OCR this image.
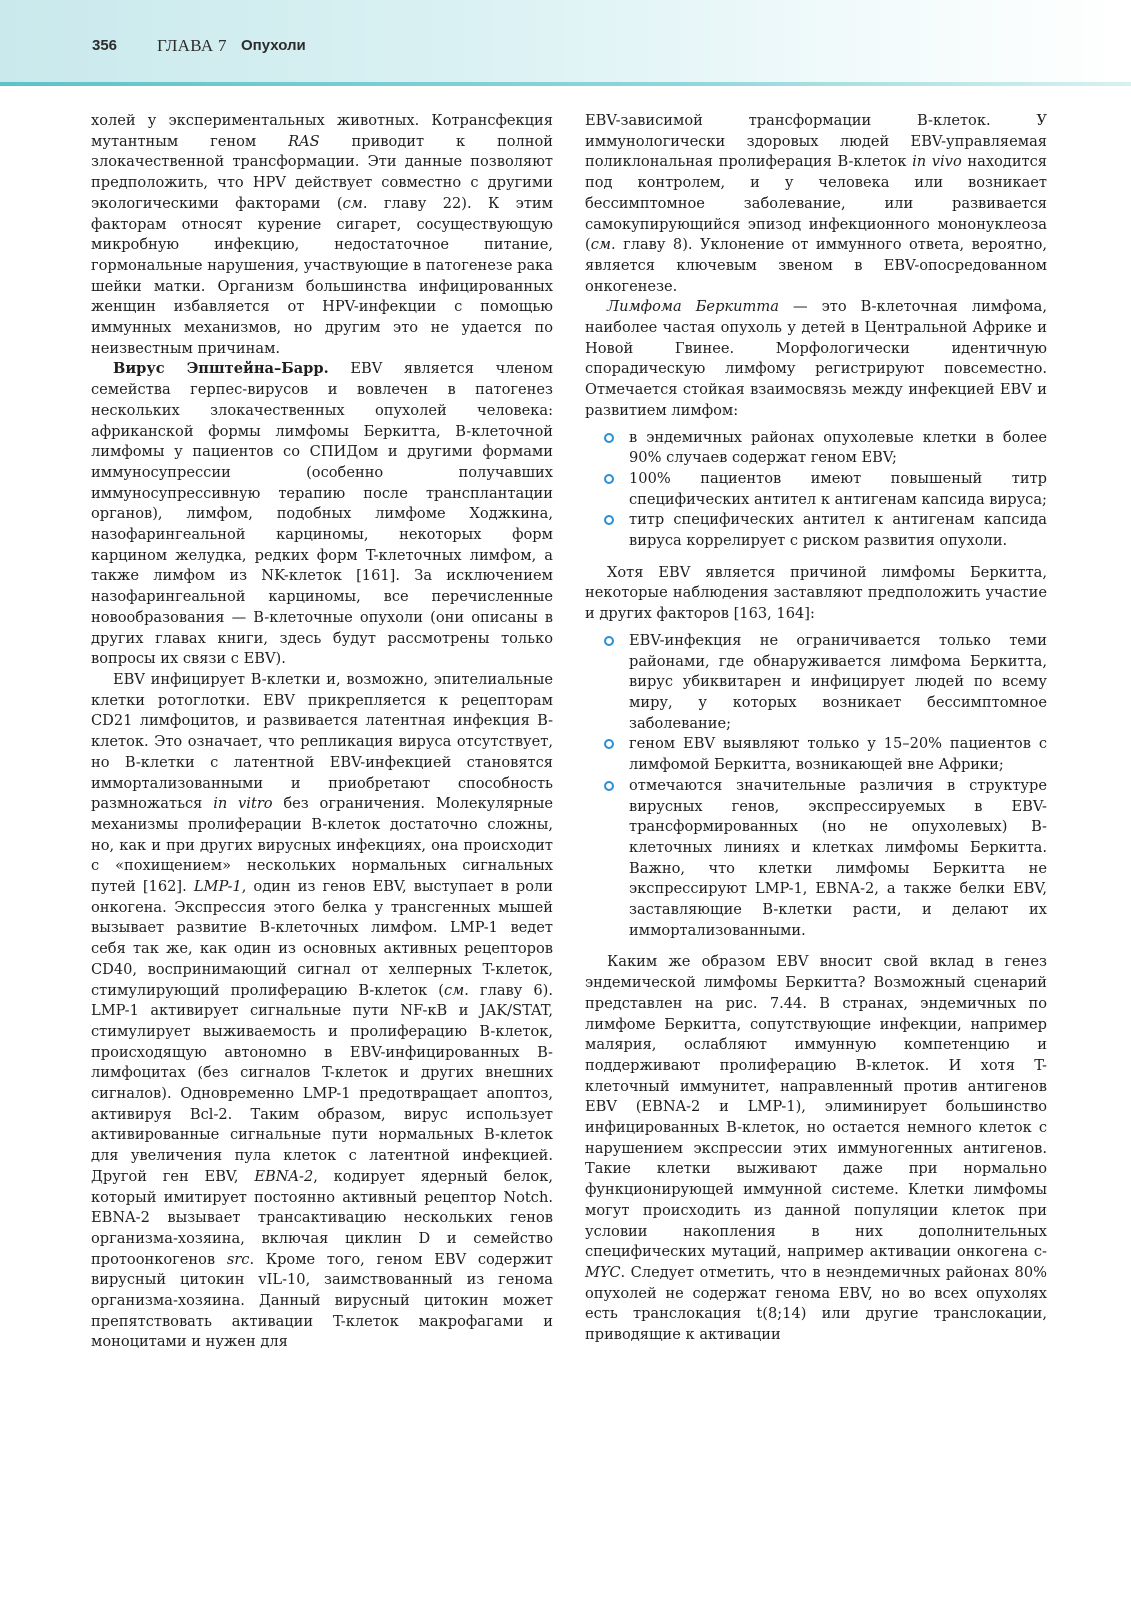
356 ГЛАВА 7 Опухоли

холей у экспериментальных животных. Котрансфекция мутантным геном RAS приводит к полной злокачественной трансформации. Эти данные позволяют предположить, что HPV действует совместно с другими экологическими факторами (см. главу 22). К этим факторам относят курение сигарет, сосуществующую микробную инфекцию, недостаточное питание, гормональные нарушения, участвующие в патогенезе рака шейки матки. Организм большинства инфицированных женщин избавляется от HPV-инфекции с помощью иммунных механизмов, но другим это не удается по неизвестным причинам.

Вирус Эпштейна–Барр. EBV является членом семейства герпес-вирусов и вовлечен в патогенез нескольких злокачественных опухолей человека: африканской формы лимфомы Беркитта, B-клеточной лимфомы у пациентов со СПИДом и другими формами иммуносупрессии (особенно получавших иммуносупрессивную терапию после трансплантации органов), лимфом, подобных лимфоме Ходжкина, назофарингеальной карциномы, некоторых форм карцином желудка, редких форм T-клеточных лимфом, а также лимфом из NK-клеток [161]. За исключением назофарингеальной карциномы, все перечисленные новообразования — B-клеточные опухоли (они описаны в других главах книги, здесь будут рассмотрены только вопросы их связи с EBV).

EBV инфицирует B-клетки и, возможно, эпителиальные клетки ротоглотки. EBV прикрепляется к рецепторам CD21 лимфоцитов, и развивается латентная инфекция B-клеток. Это означает, что репликация вируса отсутствует, но B-клетки с латентной EBV-инфекцией становятся иммортализованными и приобретают способность размножаться in vitro без ограничения. Молекулярные механизмы пролиферации B-клеток достаточно сложны, но, как и при других вирусных инфекциях, она происходит с «похищением» нескольких нормальных сигнальных путей [162]. LMP-1, один из генов EBV, выступает в роли онкогена. Экспрессия этого белка у трансгенных мышей вызывает развитие B-клеточных лимфом. LMP-1 ведет себя так же, как один из основных активных рецепторов CD40, воспринимающий сигнал от хелперных T-клеток, стимулирующий пролиферацию B-клеток (см. главу 6). LMP-1 активирует сигнальные пути NF-κB и JAK/STAT, стимулирует выживаемость и пролиферацию B-клеток, происходящую автономно в EBV-инфицированных B-лимфоцитах (без сигналов T-клеток и других внешних сигналов). Одновременно LMP-1 предотвращает апоптоз, активируя Bcl-2. Таким образом, вирус использует активированные сигнальные пути нормальных B-клеток для увеличения пула клеток с латентной инфекцией. Другой ген EBV, EBNA-2, кодирует ядерный белок, который имитирует постоянно активный рецептор Notch. EBNA-2 вызывает трансактивацию нескольких генов организма-хозяина, включая циклин D и семейство протоонкогенов src. Кроме того, геном EBV содержит вирусный цитокин vIL-10, заимствованный из генома организма-хозяина. Данный вирусный цитокин может препятствовать активации T-клеток макрофагами и моноцитами и нужен для

EBV-зависимой трансформации B-клеток. У иммунологически здоровых людей EBV-управляемая поликлональная пролиферация B-клеток in vivo находится под контролем, и у человека или возникает бессимптомное заболевание, или развивается самокупирующийся эпизод инфекционного мононуклеоза (см. главу 8). Уклонение от иммунного ответа, вероятно, является ключевым звеном в EBV-опосредованном онкогенезе.

Лимфома Беркитта — это B-клеточная лимфома, наиболее частая опухоль у детей в Центральной Африке и Новой Гвинее. Морфологически идентичную спорадическую лимфому регистрируют повсеместно. Отмечается стойкая взаимосвязь между инфекцией EBV и развитием лимфом:

в эндемичных районах опухолевые клетки в более 90% случаев содержат геном EBV;
100% пациентов имеют повышеный титр специфических антител к антигенам капсида вируса;
титр специфических антител к антигенам капсида вируса коррелирует с риском развития опухоли.

Хотя EBV является причиной лимфомы Беркитта, некоторые наблюдения заставляют предположить участие и других факторов [163, 164]:

EBV-инфекция не ограничивается только теми районами, где обнаруживается лимфома Беркитта, вирус убиквитарен и инфицирует людей по всему миру, у которых возникает бессимптомное заболевание;
геном EBV выявляют только у 15–20% пациентов с лимфомой Беркитта, возникающей вне Африки;
отмечаются значительные различия в структуре вирусных генов, экспрессируемых в EBV-трансформированных (но не опухолевых) B-клеточных линиях и клетках лимфомы Беркитта. Важно, что клетки лимфомы Беркитта не экспрессируют LMP-1, EBNA-2, а также белки EBV, заставляющие B-клетки расти, и делают их иммортализованными.

Каким же образом EBV вносит свой вклад в генез эндемической лимфомы Беркитта? Возможный сценарий представлен на рис. 7.44. В странах, эндемичных по лимфоме Беркитта, сопутствующие инфекции, например малярия, ослабляют иммунную компетенцию и поддерживают пролиферацию B-клеток. И хотя T-клеточный иммунитет, направленный против антигенов EBV (EBNA-2 и LMP-1), элиминирует большинство инфицированных B-клеток, но остается немного клеток с нарушением экспрессии этих иммуногенных антигенов. Такие клетки выживают даже при нормально функционирующей иммунной системе. Клетки лимфомы могут происходить из данной популяции клеток при условии накопления в них дополнительных специфических мутаций, например активации онкогена c-MYC. Следует отметить, что в неэндемичных районах 80% опухолей не содержат генома EBV, но во всех опухолях есть транслокация t(8;14) или другие транслокации, приводящие к активации
